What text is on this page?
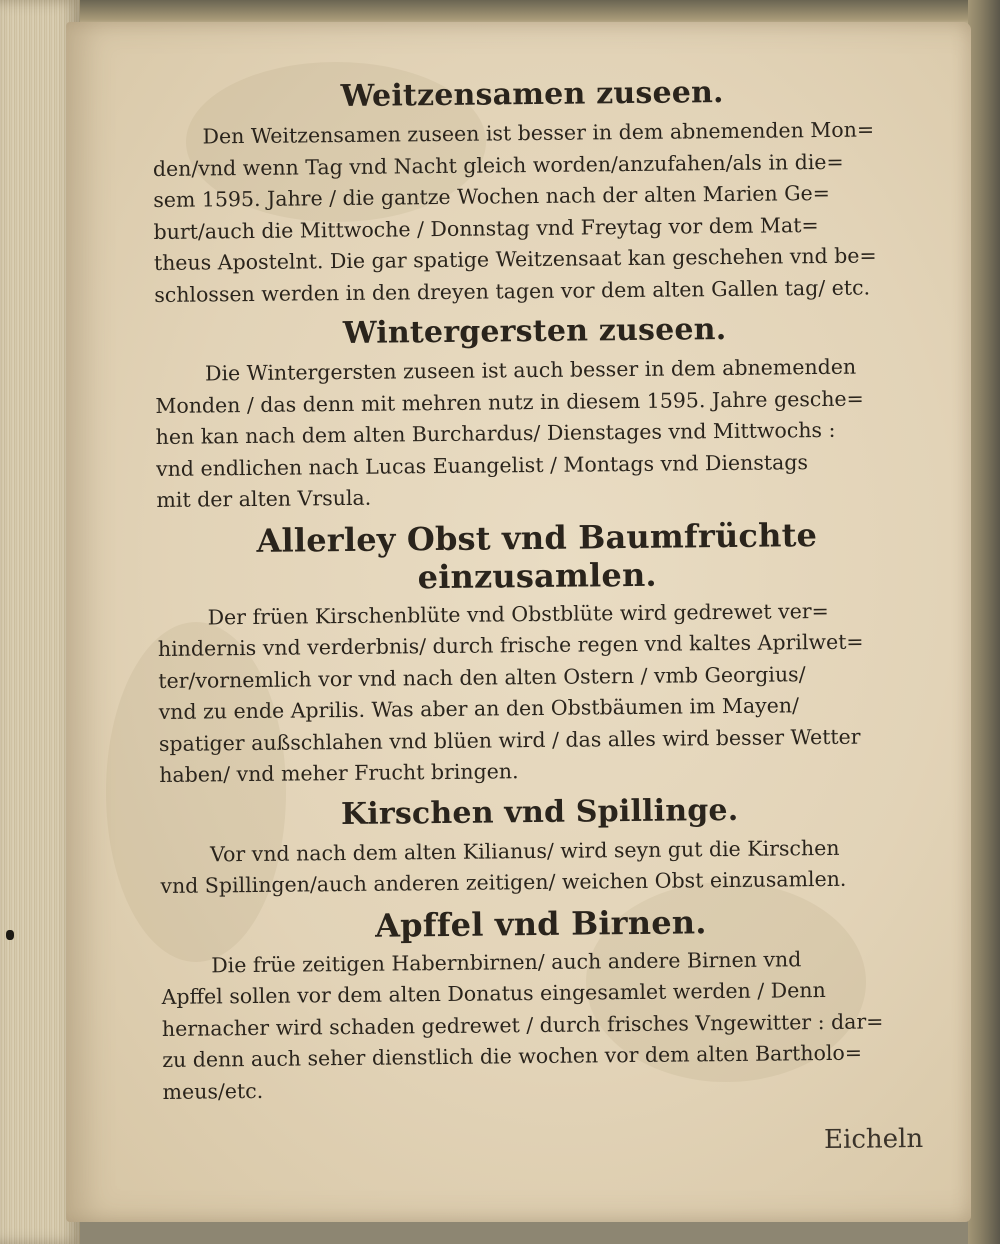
Weitzensamen zuseen.
Den Weitzensamen zuseen ist besser in dem abnemenden Mon=
den/vnd wenn Tag vnd Nacht gleich worden/anzufahen/als in die=
sem 1595. Jahre / die gantze Wochen nach der alten Marien Ge=
burt/auch die Mittwoche / Donnstag vnd Freytag vor dem Mat=
theus Apostelnt. Die gar spatige Weitzensaat kan geschehen vnd be=
schlossen werden in den dreyen tagen vor dem alten Gallen tag/ etc.
Wintergersten zuseen.
Die Wintergersten zuseen ist auch besser in dem abnemenden
Monden / das denn mit mehren nutz in diesem 1595. Jahre gesche=
hen kan nach dem alten Burchardus/ Dienstages vnd Mittwochs :
vnd endlichen nach Lucas Euangelist / Montags vnd Dienstags
mit der alten Vrsula.
Allerley Obst vnd Baumfrüchte einzusamlen.
Der früen Kirschenblüte vnd Obstblüte wird gedrewet ver=
hindernis vnd verderbnis/ durch frische regen vnd kaltes Aprilwet=
ter/vornemlich vor vnd nach den alten Ostern / vmb Georgius/
vnd zu ende Aprilis. Was aber an den Obstbäumen im Mayen/
spatiger außschlahen vnd blüen wird / das alles wird besser Wetter
haben/ vnd meher Frucht bringen.
Kirschen vnd Spillinge.
Vor vnd nach dem alten Kilianus/ wird seyn gut die Kirschen
vnd Spillingen/auch anderen zeitigen/ weichen Obst einzusamlen.
Apffel vnd Birnen.
Die früe zeitigen Habernbirnen/ auch andere Birnen vnd
Apffel sollen vor dem alten Donatus eingesamlet werden / Denn
hernacher wird schaden gedrewet / durch frisches Vngewitter : dar=
zu denn auch seher dienstlich die wochen vor dem alten Bartholo=
meus/etc.
Eicheln
